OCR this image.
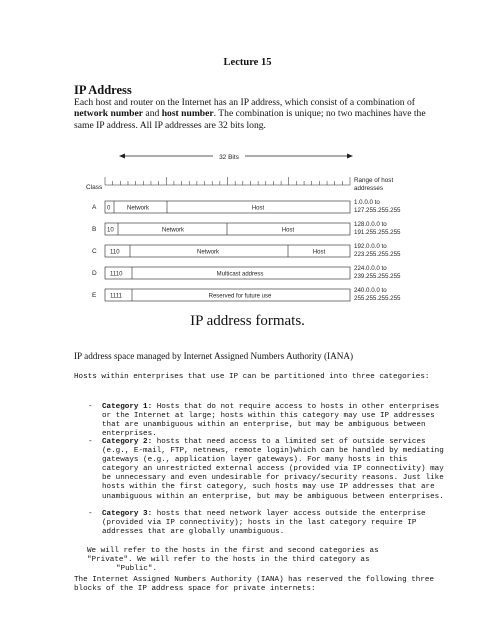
Lecture 15
IP Address
Each host and router on the Internet has an IP address, which consist of a combination of network number and host number. The combination is unique; no two machines have the same IP address. All IP addresses are 32 bits long.
32 Bits
Class
Range of host
addresses
A 0	Network	Host
1.0.0.0 to
127.255.255.255
B 10	Network	Host
128.0.0.0 to
191.255.255.255
C 110	Network	Host
192.0.0.0 to
223.255.255.255
D 1110	Multicast address
224.0.0.0 to
239.255.255.255
E 1111	Reserved for future use
240.0.0.0 to
255.255.255.255
IP address formats.
IP address space managed by Internet Assigned Numbers Authority (IANA)
Hosts within enterprises that use IP can be partitioned into three categories:
- Category 1: Hosts that do not require access to hosts in other enterprises or the Internet at large; hosts within this category may use IP addresses that are unambiguous within an enterprise, but may be ambiguous between enterprises.
- Category 2: hosts that need access to a limited set of outside services (e.g., E-mail, FTP, netnews, remote login)which can be handled by mediating gateways (e.g., application layer gateways). For many hosts in this category an unrestricted external access (provided via IP connectivity) may be unnecessary and even undesirable for privacy/security reasons. Just like hosts within the first category, such hosts may use IP addresses that are unambiguous within an enterprise, but may be ambiguous between enterprises.
- Category 3: hosts that need network layer access outside the enterprise (provided via IP connectivity); hosts in the last category require IP addresses that are globally unambiguous.
We will refer to the hosts in the first and second categories as
"Private". We will refer to the hosts in the third category as
"Public".
The Internet Assigned Numbers Authority (IANA) has reserved the following three blocks of the IP address space for private internets:
